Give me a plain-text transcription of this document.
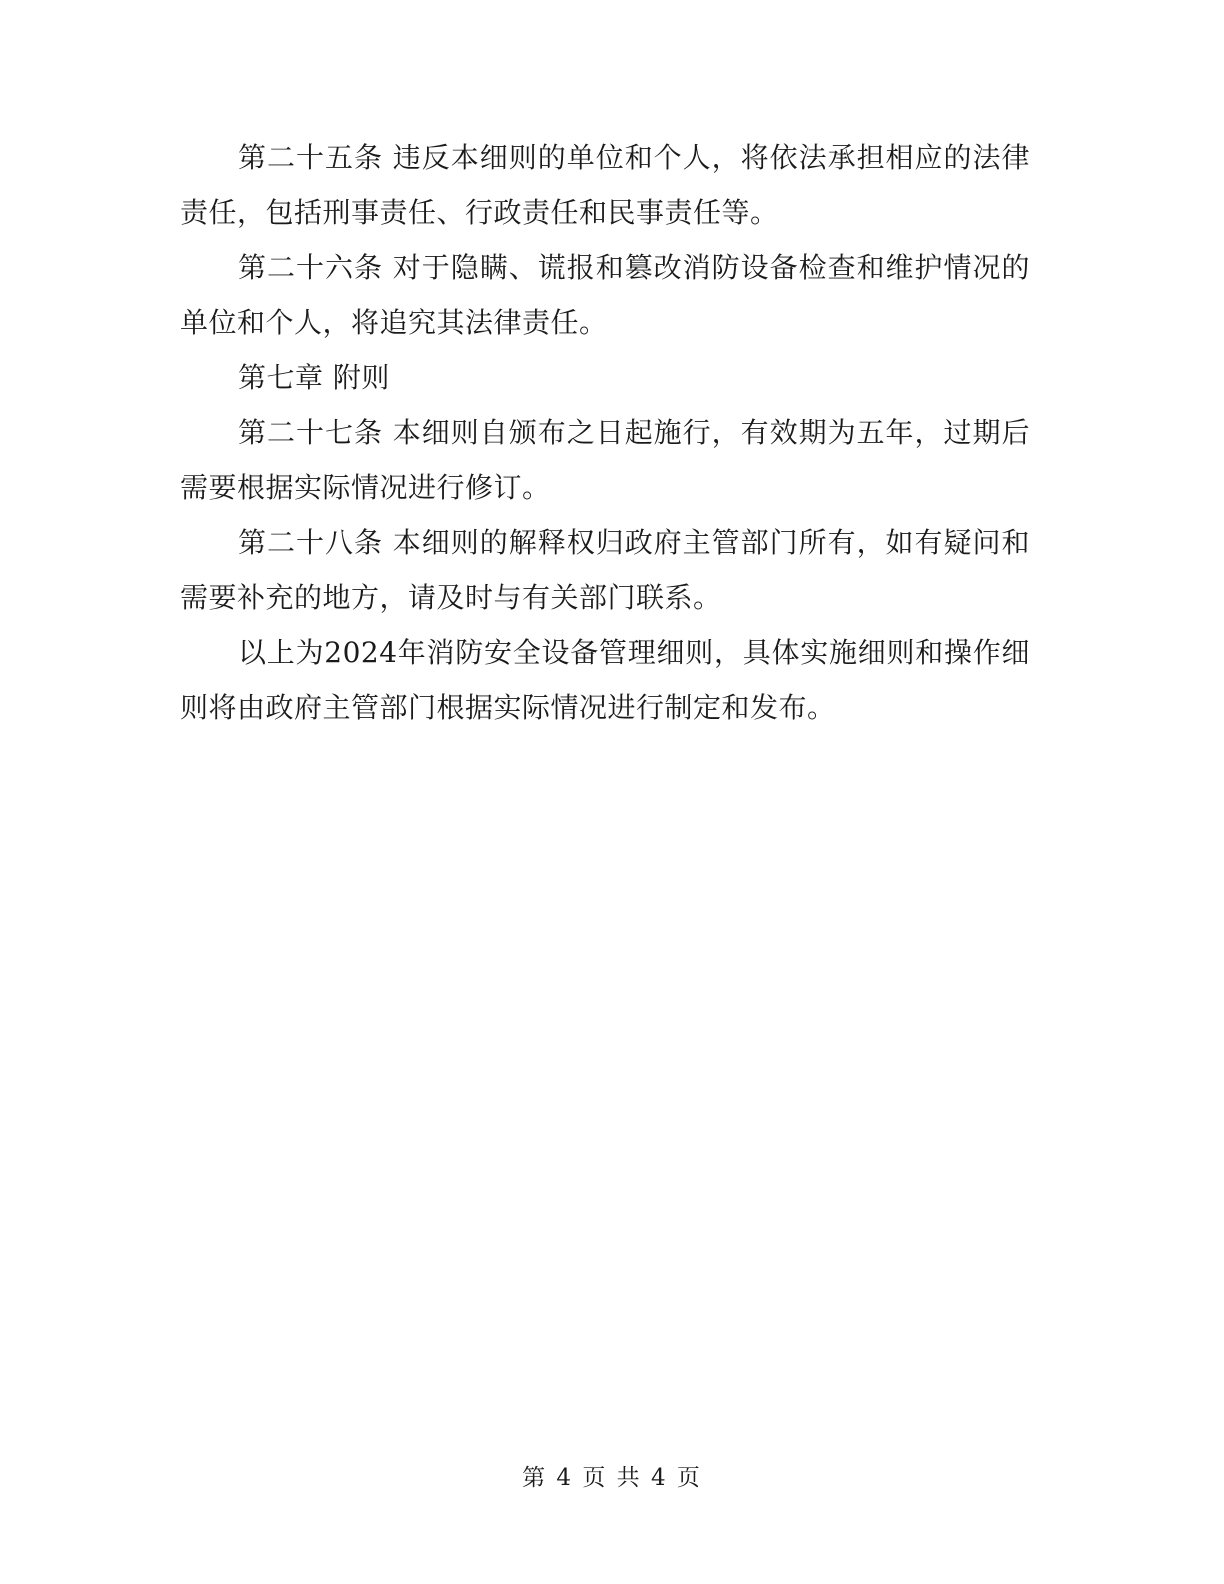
第二十五条 违反本细则的单位和个人，将依法承担相应的法律责任，包括刑事责任、行政责任和民事责任等。

第二十六条 对于隐瞒、谎报和篡改消防设备检查和维护情况的单位和个人，将追究其法律责任。

第七章 附则

第二十七条 本细则自颁布之日起施行，有效期为五年，过期后需要根据实际情况进行修订。

第二十八条 本细则的解释权归政府主管部门所有，如有疑问和需要补充的地方，请及时与有关部门联系。

以上为2024年消防安全设备管理细则，具体实施细则和操作细则将由政府主管部门根据实际情况进行制定和发布。

第 4 页 共 4 页
